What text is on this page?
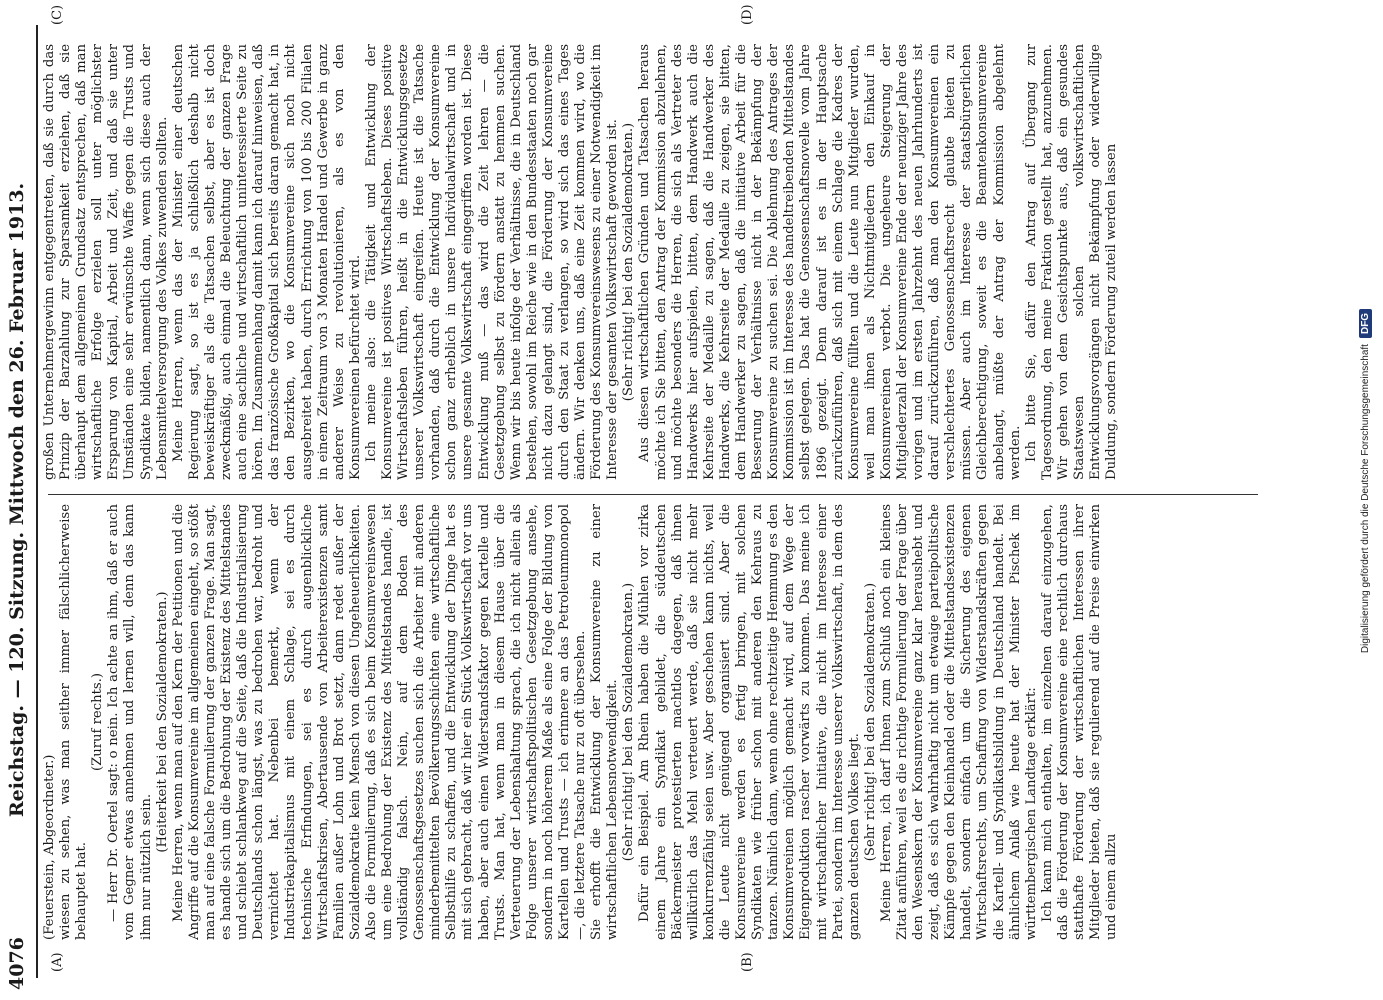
4076
Reichstag. — 120. Sitzung. Mittwoch den 26. Februar 1913.
(A)	(B)
(C)	(D)

(Feuerstein, Abgeordneter.) wiesen zu sehen, was man seither immer fälschlicherweise behauptet hat.

(Zuruf rechts.) — Herr Dr. Oertel sagt: o nein. Ich achte an ihm, daß er auch vom Gegner etwas annehmen und lernen will, denn das kann ihm nur nützlich sein.

(Heiterkeit bei den Sozialdemokraten.) Meine Herren, wenn man auf den Kern der Petitionen und die Angriffe auf die Konsumvereine im allgemeinen eingeht, so stößt man auf eine falsche Formulierung der ganzen Frage. Man sagt, es handle sich um die Bedrohung der Existenz des Mittelstandes und schiebt schlankweg auf die Seite, daß die Industrialisierung Deutschlands schon längst, was zu bedrohen war, bedroht und vernichtet hat. Nebenbei bemerkt, wenn der Industriekapitalismus mit einem Schlage, sei es durch technische Erfindungen, sei es durch augenblickliche Wirtschaftskrisen, Abertausende von Arbeiterexistenzen samt Familien außer Lohn und Brot setzt, dann redet außer der Sozialdemokratie kein Mensch von diesen Ungeheuerlichkeiten. Also die Formulierung, daß es sich beim Konsumvereinswesen um eine Bedrohung der Existenz des Mittelstandes handle, ist vollständig falsch. Nein, auf dem Boden des Genossenschaftsgesetzes suchen sich die Arbeiter mit anderen minderbemittelten Bevölkerungsschichten eine wirtschaftliche Selbsthilfe zu schaffen, und die Entwicklung der Dinge hat es mit sich gebracht, daß wir hier ein Stück Volkswirtschaft vor uns haben, aber auch einen Widerstandsfaktor gegen Kartelle und Trusts. Man hat, wenn man in diesem Hause über die Verteuerung der Lebenshaltung sprach, die ich nicht allein als Folge unserer wirtschaftspolitischen Gesetzgebung ansehe, sondern in noch höherem Maße als eine Folge der Bildung von Kartellen und Trusts — ich erinnere an das Petroleummonopol —, die letztere Tatsache nur zu oft übersehen. Sie erhofft die Entwicklung der Konsumvereine zu einer wirtschaftlichen Lebensnotwendigkeit. (Sehr richtig! bei den Sozialdemokraten.) Dafür ein Beispiel. Am Rhein haben die Mühlen vor zirka einem Jahre ein Syndikat gebildet, die süddeutschen Bäckermeister protestierten machtlos dagegen, daß ihnen willkürlich das Mehl verteuert werde, daß sie nicht mehr konkurrenzfähig seien usw. Aber geschehen kann nichts, weil die Leute nicht genügend organisiert sind. Aber die Konsumvereine werden es fertig bringen, mit solchen Syndikaten wie früher schon mit anderen den Kehraus zu tanzen. Nämlich dann, wenn ohne rechtzeitige Hemmung es den Konsumvereinen möglich gemacht wird, auf dem Wege der Eigenproduktion rascher vorwärts zu kommen. Das meine ich mit wirtschaftlicher Initiative, die nicht im Interesse einer Partei, sondern im Interesse unserer Volkswirtschaft, in dem des ganzen deutschen Volkes liegt. (Sehr richtig! bei den Sozialdemokraten.) Meine Herren, ich darf Ihnen zum Schluß noch ein kleines Zitat anführen, weil es die richtige Formulierung der Frage über den Wesenskern der Konsumvereine ganz klar heraushebt und zeigt, daß es sich wahrhaftig nicht um etwaige parteipolitische Kämpfe gegen den Kleinhandel oder die Mittelstandsexistenzen handelt, sondern einfach um die Sicherung des eigenen Wirtschaftsrechts, um Schaffung von Widerstandskräften gegen die Kartell- und Syndikatsbildung in Deutschland handelt. Bei ähnlichem Anlaß wie heute hat der Minister Pischek im württembergischen Landtage erklärt: Ich kann mich enthalten, im einzelnen darauf einzugehen, daß die Förderung der Konsumvereine eine rechtlich durchaus statthafte Förderung der wirtschaftlichen Interessen ihrer Mitglieder bieten, daß sie regulierend auf die Preise einwirken und einem allzu

großen Unternehmergewinn entgegentreten, daß sie durch das Prinzip der Barzahlung zur Sparsamkeit erziehen, daß sie überhaupt dem allgemeinen Grundsatz entsprechen, daß man wirtschaftliche Erfolge erzielen soll unter möglichster Ersparung von Kapital, Arbeit und Zeit, und daß sie unter Umständen eine sehr erwünschte Waffe gegen die Trusts und Syndikate bilden, namentlich dann, wenn sich diese auch der Lebensmittelversorgung des Volkes zuwenden sollten. Meine Herren, wenn das der Minister einer deutschen Regierung sagt, so ist es ja schließlich deshalb nicht beweiskräftiger als die Tatsachen selbst, aber es ist doch zweckmäßig, auch einmal die Beleuchtung der ganzen Frage auch eine sachliche und wirtschaftlich uninteressierte Seite zu hören. Im Zusammenhang damit kann ich darauf hinweisen, daß das französische Großkapital sich bereits daran gemacht hat, in den Bezirken, wo die Konsumvereine sich noch nicht ausgebreitet haben, durch Errichtung von 100 bis 200 Filialen in einem Zeitraum von 3 Monaten Handel und Gewerbe in ganz anderer Weise zu revolutionieren, als es von den Konsumvereinen befürchtet wird. Ich meine also: die Tätigkeit und Entwicklung der Konsumvereine ist positives Wirtschaftsleben. Dieses positive Wirtschaftsleben führen, heißt in die Entwicklungsgesetze unserer Volkswirtschaft eingreifen. Heute ist die Tatsache vorhanden, daß durch die Entwicklung der Konsumvereine schon ganz erheblich in unsere Individualwirtschaft und in unsere gesamte Volkswirtschaft eingegriffen worden ist. Diese Entwicklung muß — das wird die Zeit lehren — die Gesetzgebung selbst zu fördern anstatt zu hemmen suchen. Wenn wir bis heute infolge der Verhältnisse, die in Deutschland bestehen, sowohl im Reiche wie in den Bundesstaaten noch gar nicht dazu gelangt sind, die Förderung der Konsumvereine durch den Staat zu verlangen, so wird sich das eines Tages ändern. Wir denken uns, daß eine Zeit kommen wird, wo die Förderung des Konsumvereinswesens zu einer Notwendigkeit im Interesse der gesamten Volkswirtschaft geworden ist. (Sehr richtig! bei den Sozialdemokraten.) Aus diesen wirtschaftlichen Gründen und Tatsachen heraus möchte ich Sie bitten, den Antrag der Kommission abzulehnen, und möchte besonders die Herren, die sich als Vertreter des Handwerks hier aufspielen, bitten, dem Handwerk auch die Kehrseite der Medaille zu sagen, daß die Handwerker des Handwerks, die Kehrseite der Medaille zu zeigen, sie bitten, dem Handwerker zu sagen, daß die initiative Arbeit für die Besserung der Verhältnisse nicht in der Bekämpfung der Konsumvereine zu suchen sei. Die Ablehnung des Antrages der Kommission ist im Interesse des handeltreibenden Mittelstandes selbst gelegen. Das hat die Genossenschaftsnovelle vom Jahre 1896 gezeigt. Denn darauf ist es in der Hauptsache zurückzuführen, daß sich mit einem Schlage die Kadres der Konsumvereine füllten und die Leute nun Mitglieder wurden, weil man ihnen als Nichtmitgliedern den Einkauf in Konsumvereinen verbot. Die ungeheure Steigerung der Mitgliederzahl der Konsumvereine Ende der neunziger Jahre des vorigen und im ersten Jahrzehnt des neuen Jahrhunderts ist darauf zurückzuführen, daß man den Konsumvereinen ein verschlechtertes Genossenschaftsrecht glaubte bieten zu müssen. Aber auch im Interesse der staatsbürgerlichen Gleichberechtigung, soweit es die Beamtenkonsumvereine anbelangt, müßte der Antrag der Kommission abgelehnt werden. Ich bitte Sie, dafür den Antrag auf Übergang zur Tagesordnung, den meine Fraktion gestellt hat, anzunehmen. Wir gehen von dem Gesichtspunkte aus, daß ein gesundes Staatswesen solchen volkswirtschaftlichen Entwicklungsvorgängen nicht Bekämpfung oder widerwillige Duldung, sondern Förderung zuteil werden lassen

Digitalisierung gefördert durch die Deutsche Forschungsgemeinschaft
DFG
